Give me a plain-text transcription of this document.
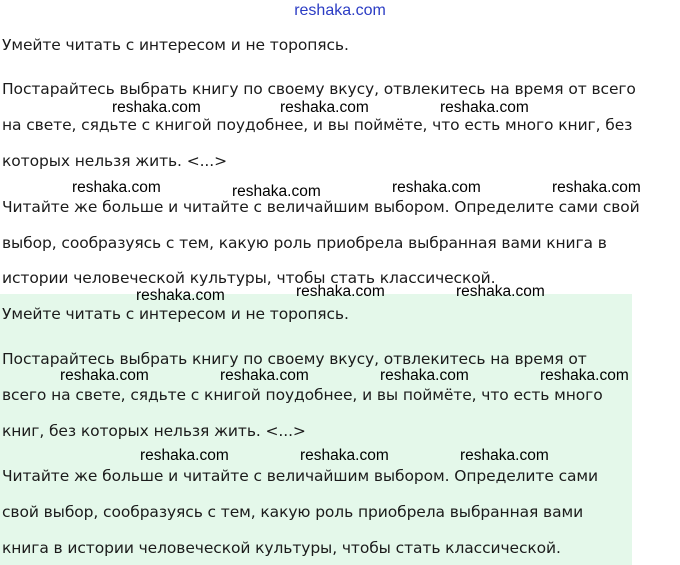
reshaka.com
Умейте читать с интересом и не торопясь.
Постарайтесь выбрать книгу по своему вкусу, отвлекитесь на время от всего
на свете, сядьте с книгой поудобнее, и вы поймёте, что есть много книг, без
которых нельзя жить. <...>
Читайте же больше и читайте с величайшим выбором. Определите сами свой
выбор, сообразуясь с тем, какую роль приобрела выбранная вами книга в
истории человеческой культуры, чтобы стать классической.
Умейте читать с интересом и не торопясь.
Постарайтесь выбрать книгу по своему вкусу, отвлекитесь на время от
всего на свете, сядьте с книгой поудобнее, и вы поймёте, что есть много
книг, без которых нельзя жить. <...>
Читайте же больше и читайте с величайшим выбором. Определите сами
свой выбор, сообразуясь с тем, какую роль приобрела выбранная вами
книга в истории человеческой культуры, чтобы стать классической.
reshaka.com	reshaka.com	reshaka.com
reshaka.com	reshaka.com	reshaka.com	reshaka.com
reshaka.com	reshaka.com	reshaka.com
reshaka.com	reshaka.com	reshaka.com	reshaka.com
reshaka.com	reshaka.com	reshaka.com
